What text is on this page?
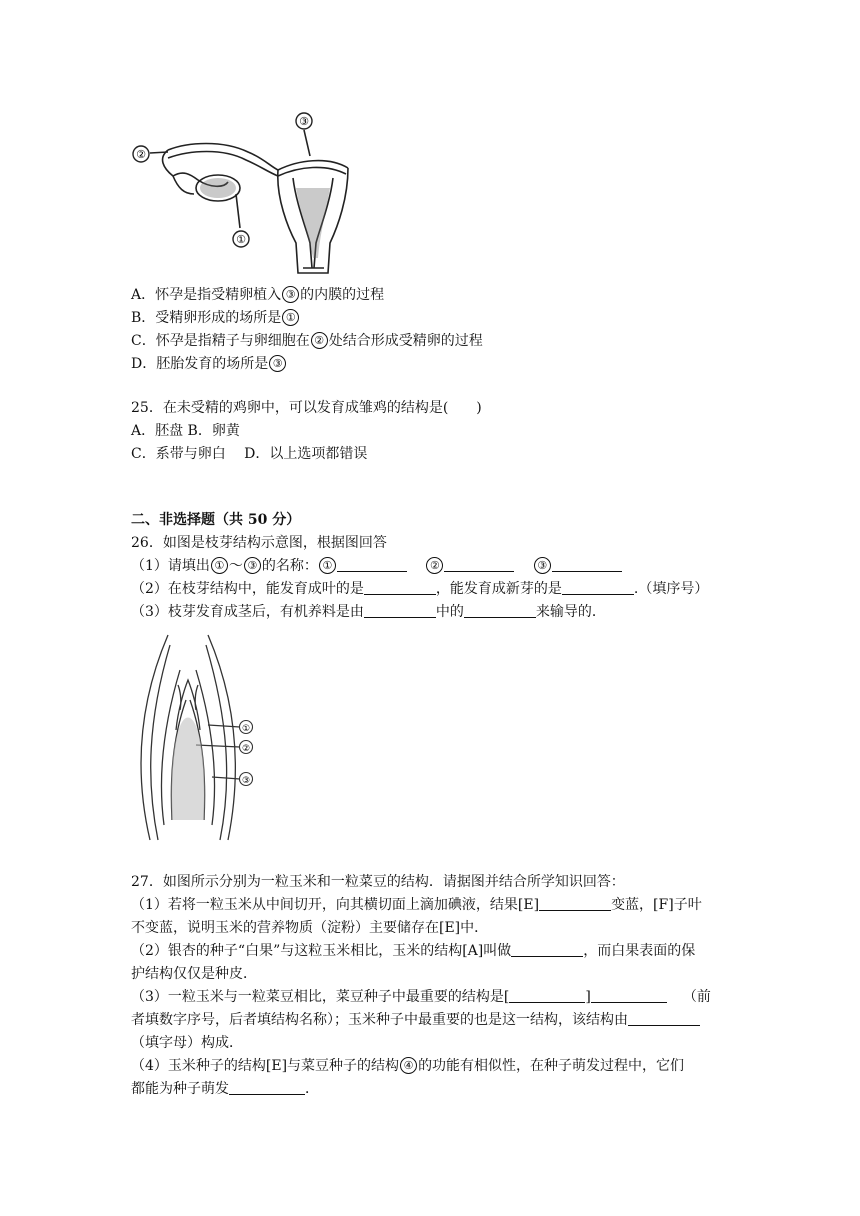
②
①
③
A．怀孕是指受精卵植入 ③ 的内膜的过程
B．受精卵形成的场所是 ①
C．怀孕是指精子与卵细胞在 ② 处结合形成受精卵的过程
D．胚胎发育的场所是 ③
25．在未受精的鸡卵中，可以发育成雏鸡的结构是(　　)
A．胚盘 B．卵黄
C．系带与卵白　 D．以上选项都错误
二、非选择题（共 50 分）
26．如图是枝芽结构示意图，根据图回答
（1）请填出 ① ～ ③ 的名称： ①　	②　	③
（2）在枝芽结构中，能发育成叶的是	，能发育成新芽的是	.（填序号）
（3）枝芽发育成茎后，有机养料是由	中的	来输导的．
①
②
③
27．如图所示分别为一粒玉米和一粒菜豆的结构．请据图并结合所学知识回答：
（1）若将一粒玉米从中间切开，向其横切面上滴加碘液，结果[E]	变蓝，[F]子叶
不变蓝，说明玉米的营养物质（淀粉）主要储存在[E]中．
（2）银杏的种子“白果”与这粒玉米相比，玉米的结构[A]叫做	，而白果表面的保
护结构仅仅是种皮．
（3）一粒玉米与一粒菜豆相比，菜豆种子中最重要的结构是[	]	（前
者填数字序号，后者填结构名称）；玉米种子中最重要的也是这一结构，该结构由
（填字母）构成．
（4）玉米种子的结构[E]与菜豆种子的结构 ④ 的功能有相似性，在种子萌发过程中，它们
都能为种子萌发	．
